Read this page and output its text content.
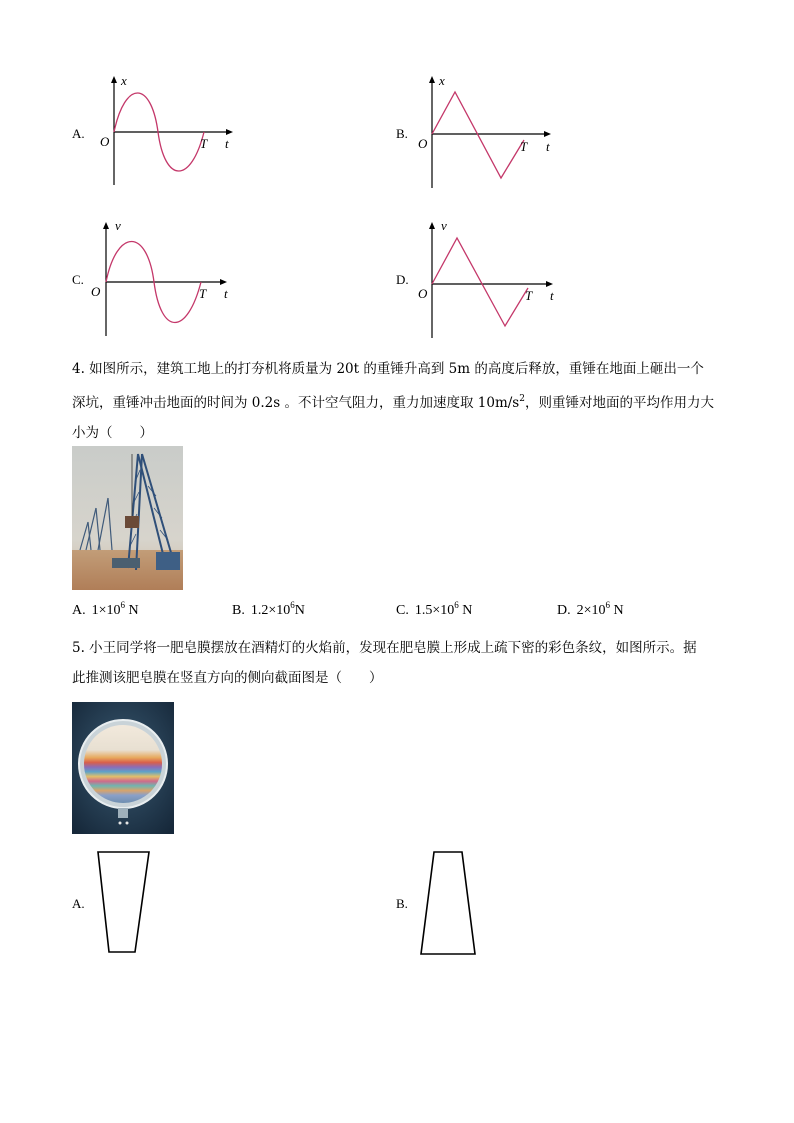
A.
x
O	T t
B.
x
O	T t
C.
v
O	T t
D.
v
O	T t
4. 如图所示，建筑工地上的打夯机将质量为 20t 的重锤升高到 5m 的高度后释放，重锤在地面上砸出一个
深坑，重锤冲击地面的时间为 0.2s 。不计空气阻力，重力加速度取 $10m/s^2$，则重锤对地面的平均作用力大
小为（　　）
A. $1\times 10^6$ N	B. $1.2\times 10^6N$	C. $1.5\times 10^6$ N	D. $2\times 10^6$ N
5. 小王同学将一肥皂膜摆放在酒精灯的火焰前，发现在肥皂膜上形成上疏下密的彩色条纹，如图所示。据
此推测该肥皂膜在竖直方向的侧向截面图是（　　）
A.	B.
